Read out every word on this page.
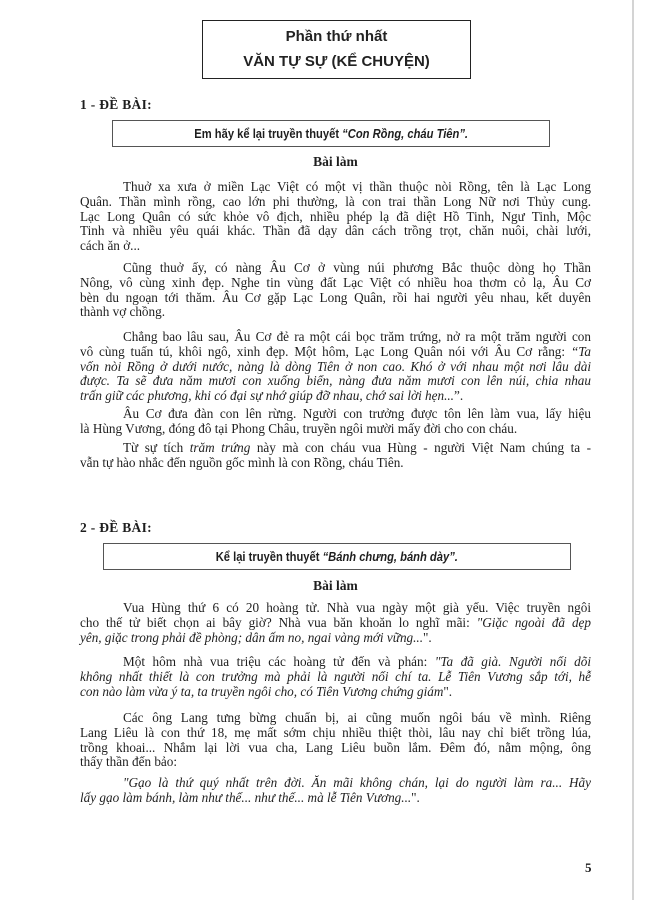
Phần thứ nhất
VĂN TỰ SỰ (KỂ CHUYỆN)
1 - ĐỀ BÀI:
Em hãy kể lại truyền thuyết “Con Rồng, cháu Tiên”.
Bài làm
Thuở xa xưa ở miền Lạc Việt có một vị thần thuộc nòi Rồng, tên là Lạc Long
Quân. Thần mình rồng, cao lớn phi thường, là con trai thần Long Nữ nơi Thủy cung.
Lạc Long Quân có sức khỏe vô địch, nhiều phép lạ đã diệt Hồ Tinh, Ngư Tinh, Mộc
Tinh và nhiều yêu quái khác. Thần đã dạy dân cách trồng trọt, chăn nuôi, chài lưới,
cách ăn ở...
Cũng thuở ấy, có nàng Âu Cơ ở vùng núi phương Bắc thuộc dòng họ Thần
Nông, vô cùng xinh đẹp. Nghe tin vùng đất Lạc Việt có nhiều hoa thơm cỏ lạ, Âu Cơ
bèn du ngoạn tới thăm. Âu Cơ gặp Lạc Long Quân, rồi hai người yêu nhau, kết duyên
thành vợ chồng.
Chẳng bao lâu sau, Âu Cơ đẻ ra một cái bọc trăm trứng, nở ra một trăm người con
vô cùng tuấn tú, khôi ngô, xinh đẹp. Một hôm, Lạc Long Quân nói với Âu Cơ rằng: “Ta
vốn nòi Rồng ở dưới nước, nàng là dòng Tiên ở non cao. Khó ở với nhau một nơi lâu dài
được. Ta sẽ đưa năm mươi con xuống biển, nàng đưa năm mươi con lên núi, chia nhau
trấn giữ các phương, khi có đại sự nhớ giúp đỡ nhau, chớ sai lời hẹn...”.
Âu Cơ đưa đàn con lên rừng. Người con trưởng được tôn lên làm vua, lấy hiệu
là Hùng Vương, đóng đô tại Phong Châu, truyền ngôi mười mấy đời cho con cháu.
Từ sự tích trăm trứng này mà con cháu vua Hùng - người Việt Nam chúng ta -
vẫn tự hào nhắc đến nguồn gốc mình là con Rồng, cháu Tiên.
2 - ĐỀ BÀI:
Kể lại truyền thuyết “Bánh chưng, bánh dày”.
Bài làm
Vua Hùng thứ 6 có 20 hoàng tử. Nhà vua ngày một già yếu. Việc truyền ngôi
cho thế tử biết chọn ai bây giờ? Nhà vua băn khoăn lo nghĩ mãi: "Giặc ngoài đã dẹp
yên, giặc trong phải đề phòng; dân ấm no, ngai vàng mới vững...".
Một hôm nhà vua triệu các hoàng tử đến và phán: "Ta đã già. Người nối dõi
không nhất thiết là con trưởng mà phải là người nối chí ta. Lễ Tiên Vương sắp tới, hễ
con nào làm vừa ý ta, ta truyền ngôi cho, có Tiên Vương chứng giám".
Các ông Lang tưng bừng chuẩn bị, ai cũng muốn ngôi báu về mình. Riêng
Lang Liêu là con thứ 18, mẹ mất sớm chịu nhiều thiệt thòi, lâu nay chỉ biết trồng lúa,
trồng khoai... Nhắm lại lời vua cha, Lang Liêu buồn lắm. Đêm đó, nằm mộng, ông
thấy thần đến bảo:
"Gạo là thứ quý nhất trên đời. Ăn mãi không chán, lại do người làm ra... Hãy
lấy gạo làm bánh, làm như thế... như thế... mà lễ Tiên Vương...".
5
